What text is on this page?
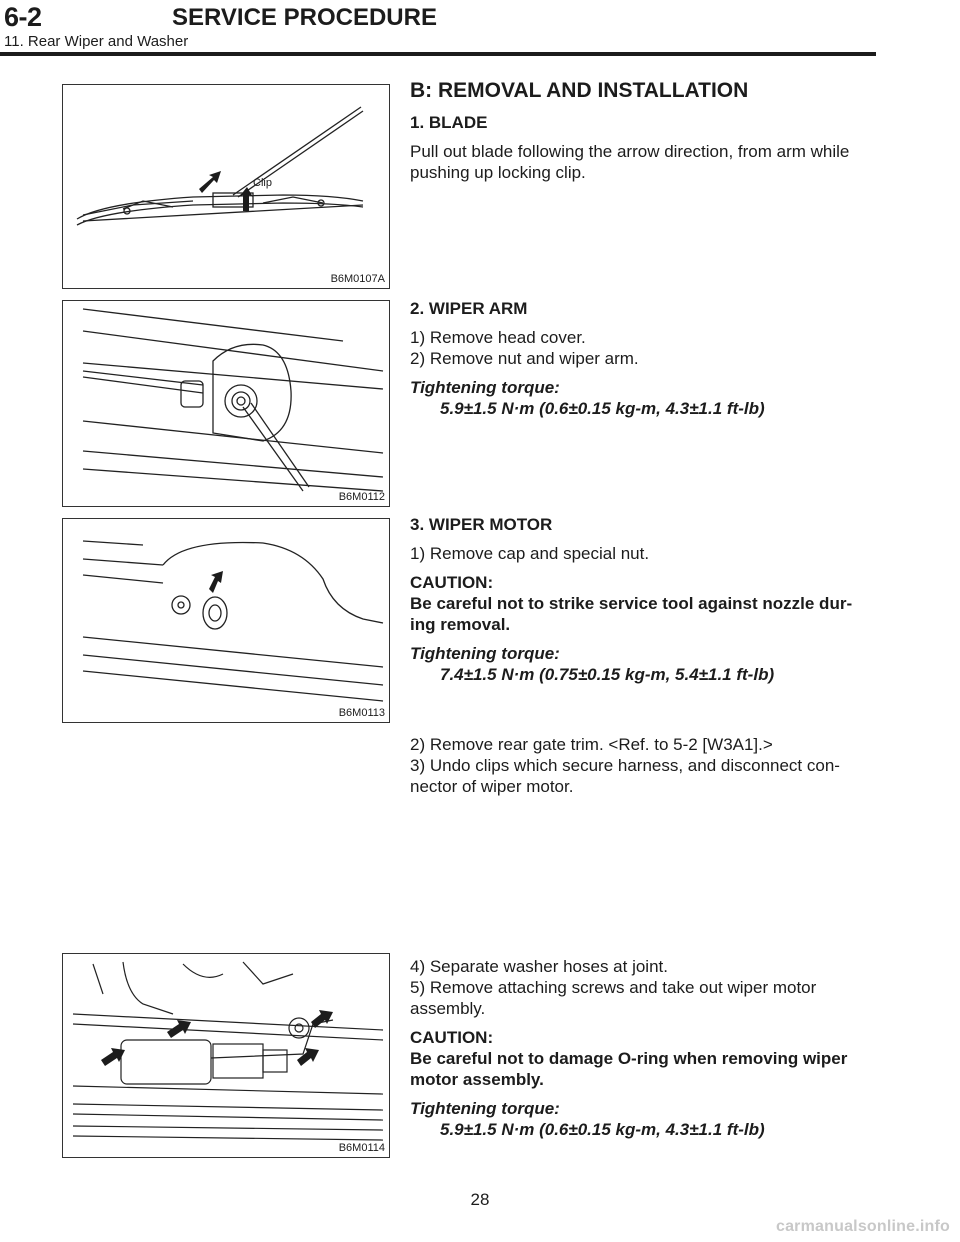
6-2	SERVICE PROCEDURE
11. Rear Wiper and Washer
Clip
B6M0107A
B6M0112
B6M0113
B6M0114

B: REMOVAL AND INSTALLATION

1. BLADE

Pull out blade following the arrow direction, from arm while

pushing up locking clip.

2. WIPER ARM

1) Remove head cover.

2) Remove nut and wiper arm.

Tightening torque:

5.9±1.5 N·m (0.6±0.15 kg-m, 4.3±1.1 ft-lb)

3. WIPER MOTOR

1) Remove cap and special nut.

CAUTION:

Be careful not to strike service tool against nozzle dur-

ing removal.

Tightening torque:

7.4±1.5 N·m (0.75±0.15 kg-m, 5.4±1.1 ft-lb)

2) Remove rear gate trim. <Ref. to 5-2 [W3A1].>

3) Undo clips which secure harness, and disconnect con-

nector of wiper motor.

4) Separate washer hoses at joint.

5) Remove attaching screws and take out wiper motor

assembly.

CAUTION:

Be careful not to damage O-ring when removing wiper

motor assembly.

Tightening torque:

5.9±1.5 N·m (0.6±0.15 kg-m, 4.3±1.1 ft-lb)

28
carmanualsonline.info
